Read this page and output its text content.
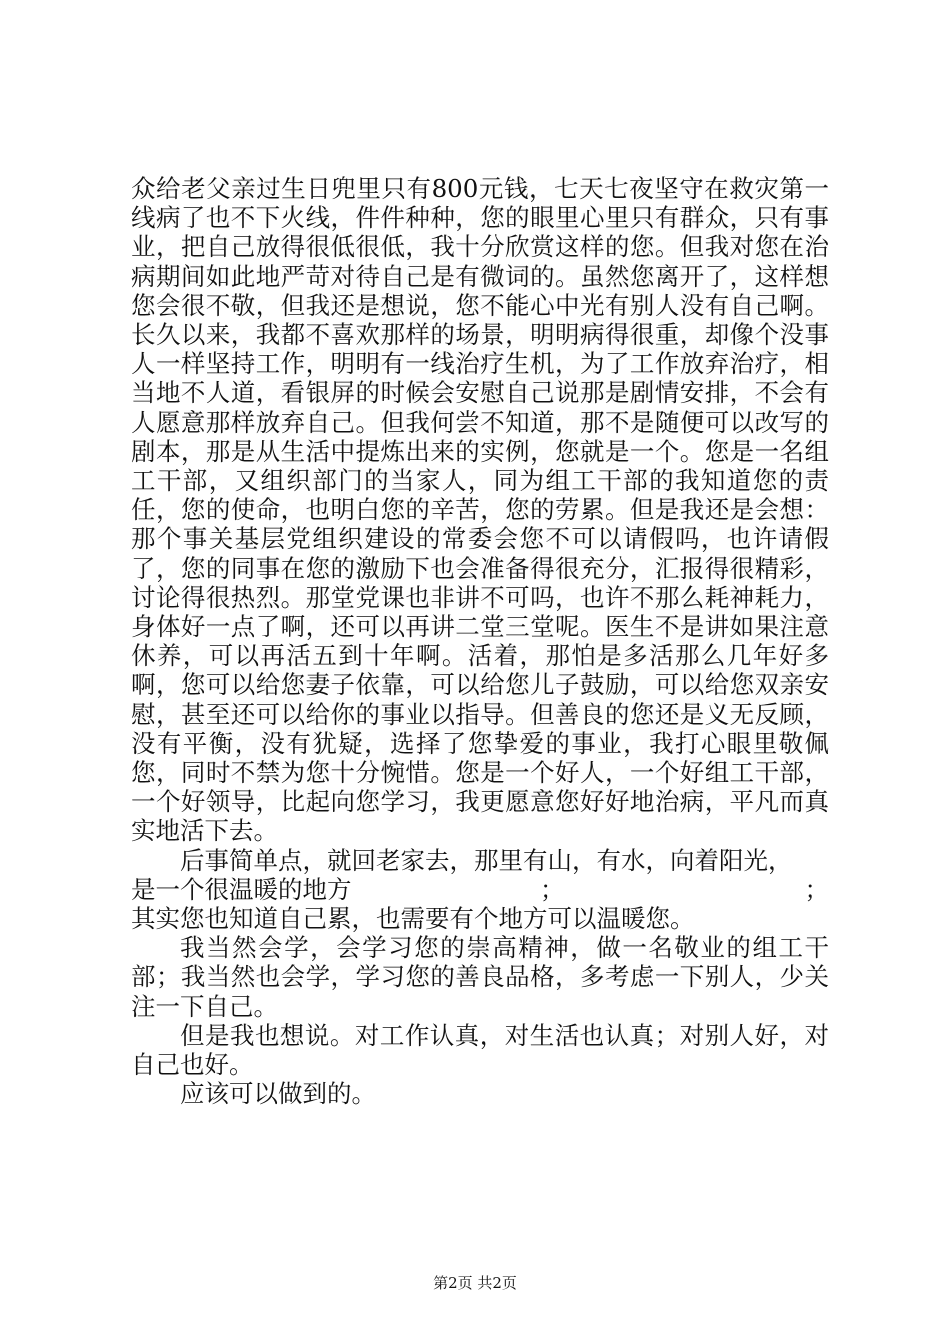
众给老父亲过生日兜里只有800元钱，七天七夜坚守在救灾第一线病了也不下火线，件件种种，您的眼里心里只有群众，只有事业，把自己放得很低很低，我十分欣赏这样的您。但我对您在治病期间如此地严苛对待自己是有微词的。虽然您离开了，这样想您会很不敬，但我还是想说，您不能心中光有别人没有自己啊。长久以来，我都不喜欢那样的场景，明明病得很重，却像个没事人一样坚持工作，明明有一线治疗生机，为了工作放弃治疗，相当地不人道，看银屏的时候会安慰自己说那是剧情安排，不会有人愿意那样放弃自己。但我何尝不知道，那不是随便可以改写的剧本，那是从生活中提炼出来的实例，您就是一个。您是一名组工干部，又组织部门的当家人，同为组工干部的我知道您的责任，您的使命，也明白您的辛苦，您的劳累。但是我还是会想：那个事关基层党组织建设的常委会您不可以请假吗，也许请假了，您的同事在您的激励下也会准备得很充分，汇报得很精彩，讨论得很热烈。那堂党课也非讲不可吗，也许不那么耗神耗力，身体好一点了啊，还可以再讲二堂三堂呢。医生不是讲如果注意休养，可以再活五到十年啊。活着，那怕是多活那么几年好多啊，您可以给您妻子依靠，可以给您儿子鼓励，可以给您双亲安慰，甚至还可以给你的事业以指导。但善良的您还是义无反顾，没有平衡，没有犹疑，选择了您挚爱的事业，我打心眼里敬佩您，同时不禁为您十分惋惜。您是一个好人，一个好组工干部，一个好领导，比起向您学习，我更愿意您好好地治病，平凡而真实地活下去。

后事简单点，就回老家去，那里有山，有水，向着阳光，

是一个很温暖的地方	；	；

其实您也知道自己累，也需要有个地方可以温暖您。

我当然会学，会学习您的崇高精神，做一名敬业的组工干部；我当然也会学，学习您的善良品格，多考虑一下别人，少关注一下自己。

但是我也想说。对工作认真，对生活也认真；对别人好，对自己也好。

应该可以做到的。

第2页 共2页
